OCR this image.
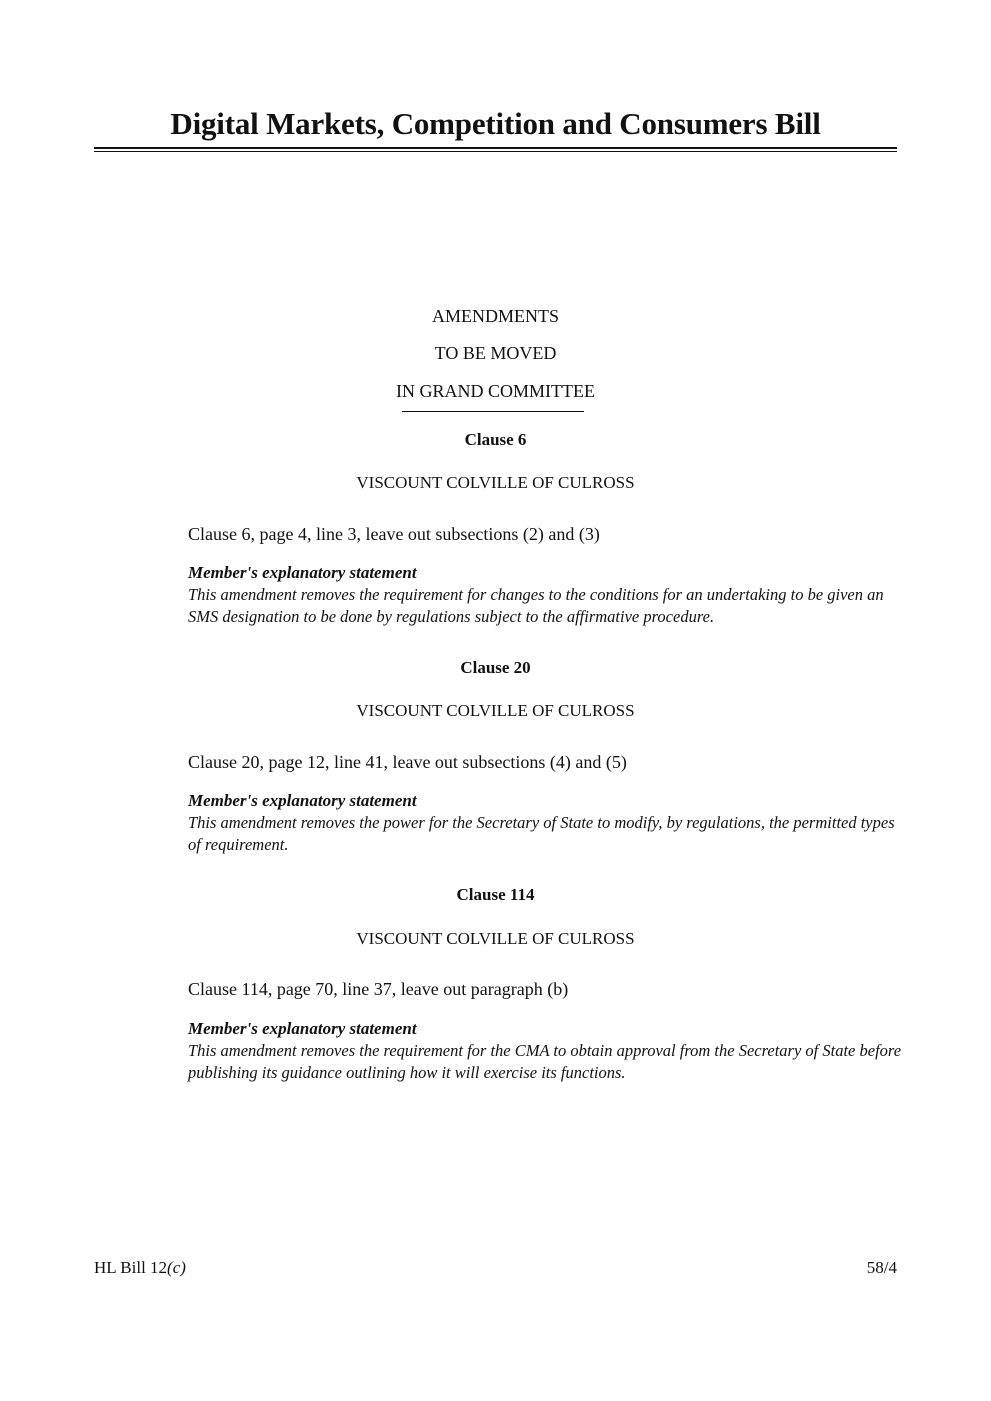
Digital Markets, Competition and Consumers Bill
AMENDMENTS
TO BE MOVED
IN GRAND COMMITTEE
Clause 6
VISCOUNT COLVILLE OF CULROSS
Clause 6, page 4, line 3, leave out subsections (2) and (3)
Member's explanatory statement
This amendment removes the requirement for changes to the conditions for an undertaking to be given an SMS designation to be done by regulations subject to the affirmative procedure.
Clause 20
VISCOUNT COLVILLE OF CULROSS
Clause 20, page 12, line 41, leave out subsections (4) and (5)
Member's explanatory statement
This amendment removes the power for the Secretary of State to modify, by regulations, the permitted types of requirement.
Clause 114
VISCOUNT COLVILLE OF CULROSS
Clause 114, page 70, line 37, leave out paragraph (b)
Member's explanatory statement
This amendment removes the requirement for the CMA to obtain approval from the Secretary of State before publishing its guidance outlining how it will exercise its functions.
HL Bill 12(c)	58/4
